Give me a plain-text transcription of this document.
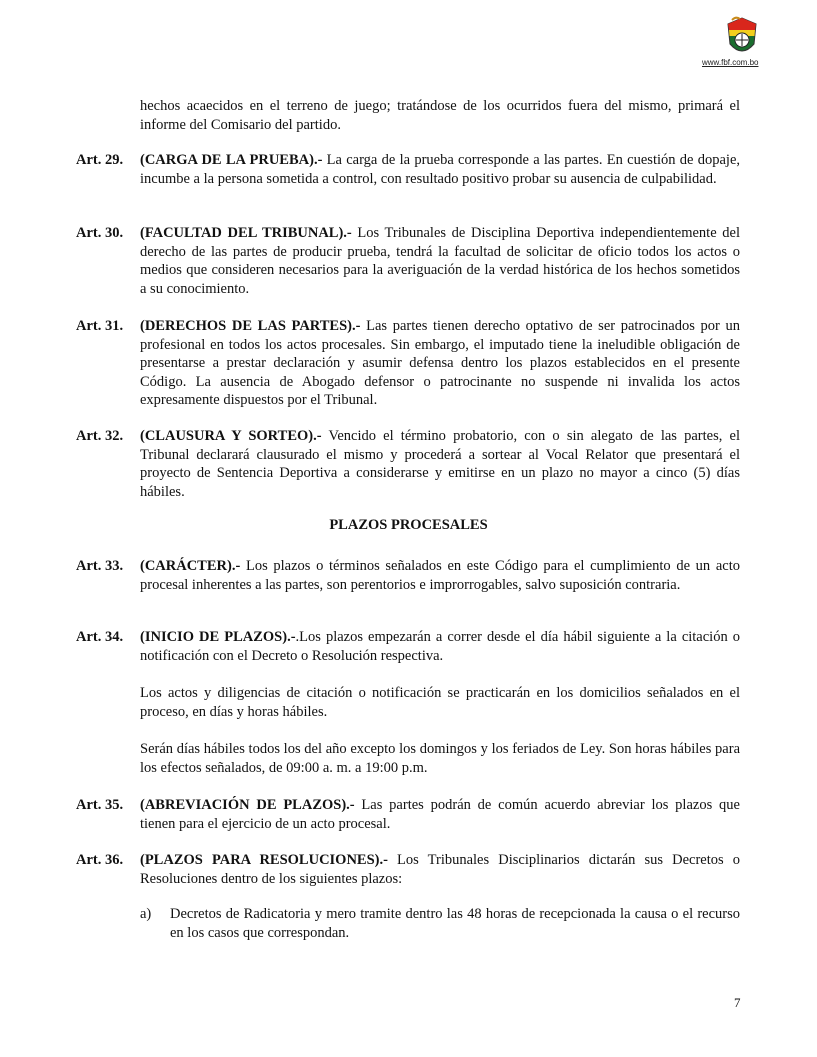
www.fbf.com.bo

hechos acaecidos en el terreno de juego; tratándose de los ocurridos fuera del mismo, primará el informe del Comisario del partido.

Art. 29. (CARGA DE LA PRUEBA).- La carga de la prueba corresponde a las partes. En cuestión de dopaje, incumbe a la persona sometida a control, con resultado positivo probar su ausencia de culpabilidad.
Art. 30. (FACULTAD DEL TRIBUNAL).- Los Tribunales de Disciplina Deportiva independientemente del derecho de las partes de producir prueba, tendrá la facultad de solicitar de oficio todos los actos o medios que consideren necesarios para la averiguación de la verdad histórica de los hechos sometidos a su conocimiento.
Art. 31. (DERECHOS DE LAS PARTES).- Las partes tienen derecho optativo de ser patrocinados por un profesional en todos los actos procesales. Sin embargo, el imputado tiene la ineludible obligación de presentarse a prestar declaración y asumir defensa dentro los plazos establecidos en el presente Código. La ausencia de Abogado defensor o patrocinante no suspende ni invalida los actos expresamente dispuestos por el Tribunal.
Art. 32. (CLAUSURA Y SORTEO).- Vencido el término probatorio, con o sin alegato de las partes, el Tribunal declarará clausurado el mismo y procederá a sortear al Vocal Relator que presentará el proyecto de Sentencia Deportiva a considerarse y emitirse en un plazo no mayor a cinco (5) días hábiles.
PLAZOS PROCESALES
Art. 33. (CARÁCTER).- Los plazos o términos señalados en este Código para el cumplimiento de un acto procesal inherentes a las partes, son perentorios e improrrogables, salvo suposición contraria.
Art. 34. (INICIO DE PLAZOS).-.Los plazos empezarán a correr desde el día hábil siguiente a la citación o notificación con el Decreto o Resolución respectiva.
Los actos y diligencias de citación o notificación se practicarán en los domicilios señalados en el proceso, en días y horas hábiles.
Serán días hábiles todos los del año excepto los domingos y los feriados de Ley. Son horas hábiles para los efectos señalados, de 09:00 a. m. a 19:00 p.m.
Art. 35. (ABREVIACIÓN DE PLAZOS).- Las partes podrán de común acuerdo abreviar los plazos que tienen para el ejercicio de un acto procesal.
Art. 36. (PLAZOS PARA RESOLUCIONES).- Los Tribunales Disciplinarios dictarán sus Decretos o Resoluciones dentro de los siguientes plazos:
a) Decretos de Radicatoria y mero tramite dentro las 48 horas de recepcionada la causa o el recurso en los casos que correspondan.
7
